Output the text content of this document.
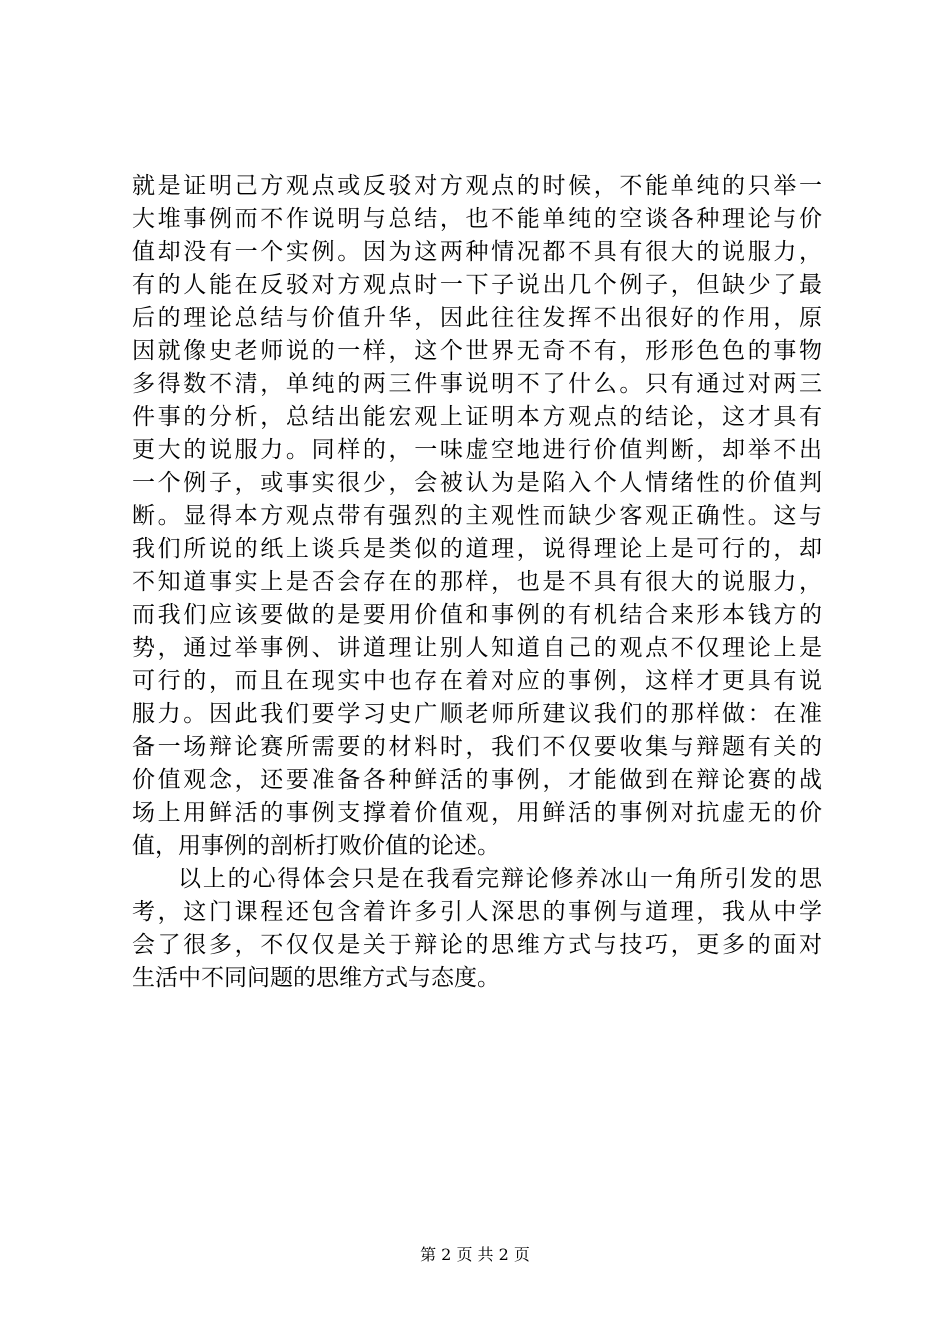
就是证明己方观点或反驳对方观点的时候，不能单纯的只举一
大堆事例而不作说明与总结，也不能单纯的空谈各种理论与价
值却没有一个实例。因为这两种情况都不具有很大的说服力，
有的人能在反驳对方观点时一下子说出几个例子，但缺少了最
后的理论总结与价值升华，因此往往发挥不出很好的作用，原
因就像史老师说的一样，这个世界无奇不有，形形色色的事物
多得数不清，单纯的两三件事说明不了什么。只有通过对两三
件事的分析，总结出能宏观上证明本方观点的结论，这才具有
更大的说服力。同样的，一味虚空地进行价值判断，却举不出
一个例子，或事实很少，会被认为是陷入个人情绪性的价值判
断。显得本方观点带有强烈的主观性而缺少客观正确性。这与
我们所说的纸上谈兵是类似的道理，说得理论上是可行的，却
不知道事实上是否会存在的那样，也是不具有很大的说服力，
而我们应该要做的是要用价值和事例的有机结合来形本钱方的
势，通过举事例、讲道理让别人知道自己的观点不仅理论上是
可行的，而且在现实中也存在着对应的事例，这样才更具有说
服力。因此我们要学习史广顺老师所建议我们的那样做：在准
备一场辩论赛所需要的材料时，我们不仅要收集与辩题有关的
价值观念，还要准备各种鲜活的事例，才能做到在辩论赛的战
场上用鲜活的事例支撑着价值观，用鲜活的事例对抗虚无的价
值，用事例的剖析打败价值的论述。
以上的心得体会只是在我看完辩论修养冰山一角所引发的思
考，这门课程还包含着许多引人深思的事例与道理，我从中学
会了很多，不仅仅是关于辩论的思维方式与技巧，更多的面对
生活中不同问题的思维方式与态度。
第 2 页 共 2 页
